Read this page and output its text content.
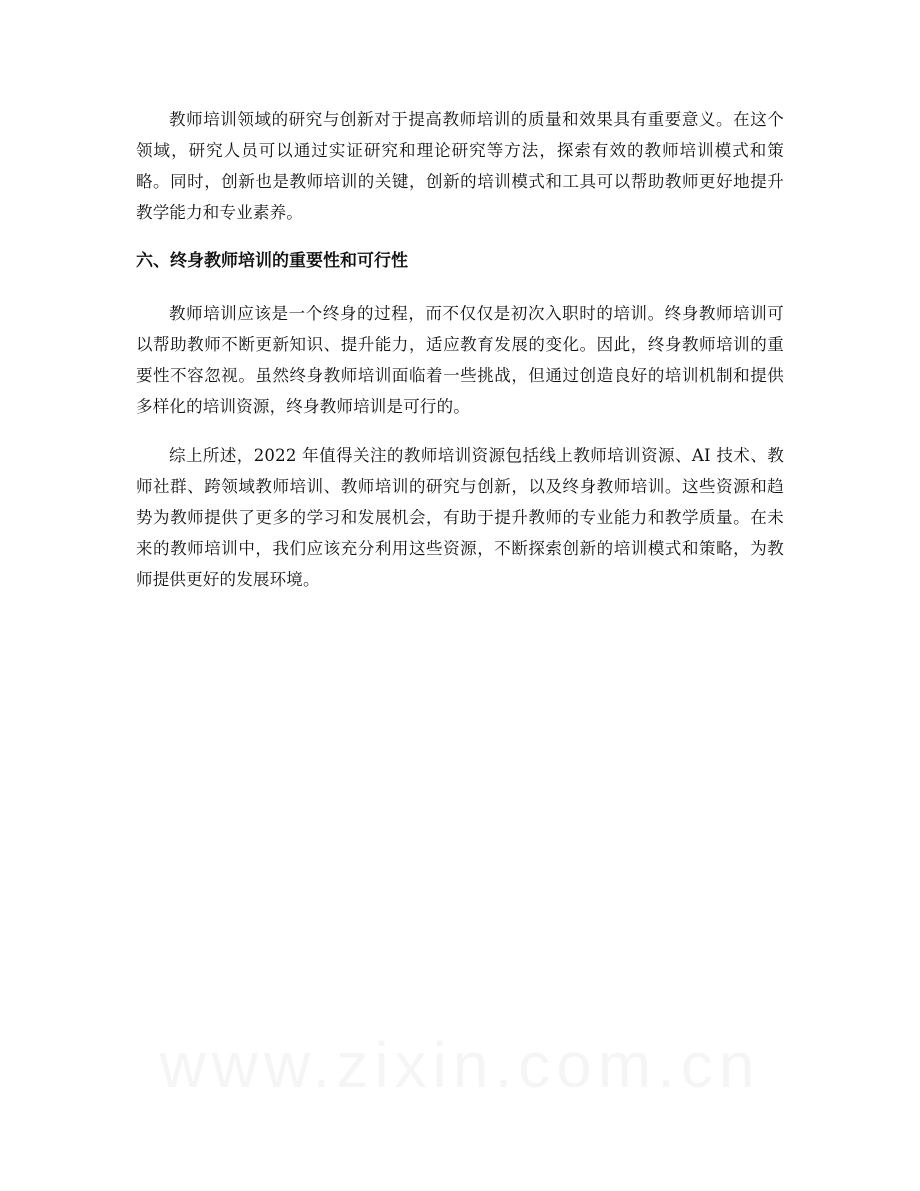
教师培训领域的研究与创新对于提高教师培训的质量和效果具有重要意义。在这个领域，研究人员可以通过实证研究和理论研究等方法，探索有效的教师培训模式和策略。同时，创新也是教师培训的关键，创新的培训模式和工具可以帮助教师更好地提升教学能力和专业素养。

六、终身教师培训的重要性和可行性

教师培训应该是一个终身的过程，而不仅仅是初次入职时的培训。终身教师培训可以帮助教师不断更新知识、提升能力，适应教育发展的变化。因此，终身教师培训的重要性不容忽视。虽然终身教师培训面临着一些挑战，但通过创造良好的培训机制和提供多样化的培训资源，终身教师培训是可行的。

综上所述，2022 年值得关注的教师培训资源包括线上教师培训资源、AI 技术、教师社群、跨领域教师培训、教师培训的研究与创新，以及终身教师培训。这些资源和趋势为教师提供了更多的学习和发展机会，有助于提升教师的专业能力和教学质量。在未来的教师培训中，我们应该充分利用这些资源，不断探索创新的培训模式和策略，为教师提供更好的发展环境。
